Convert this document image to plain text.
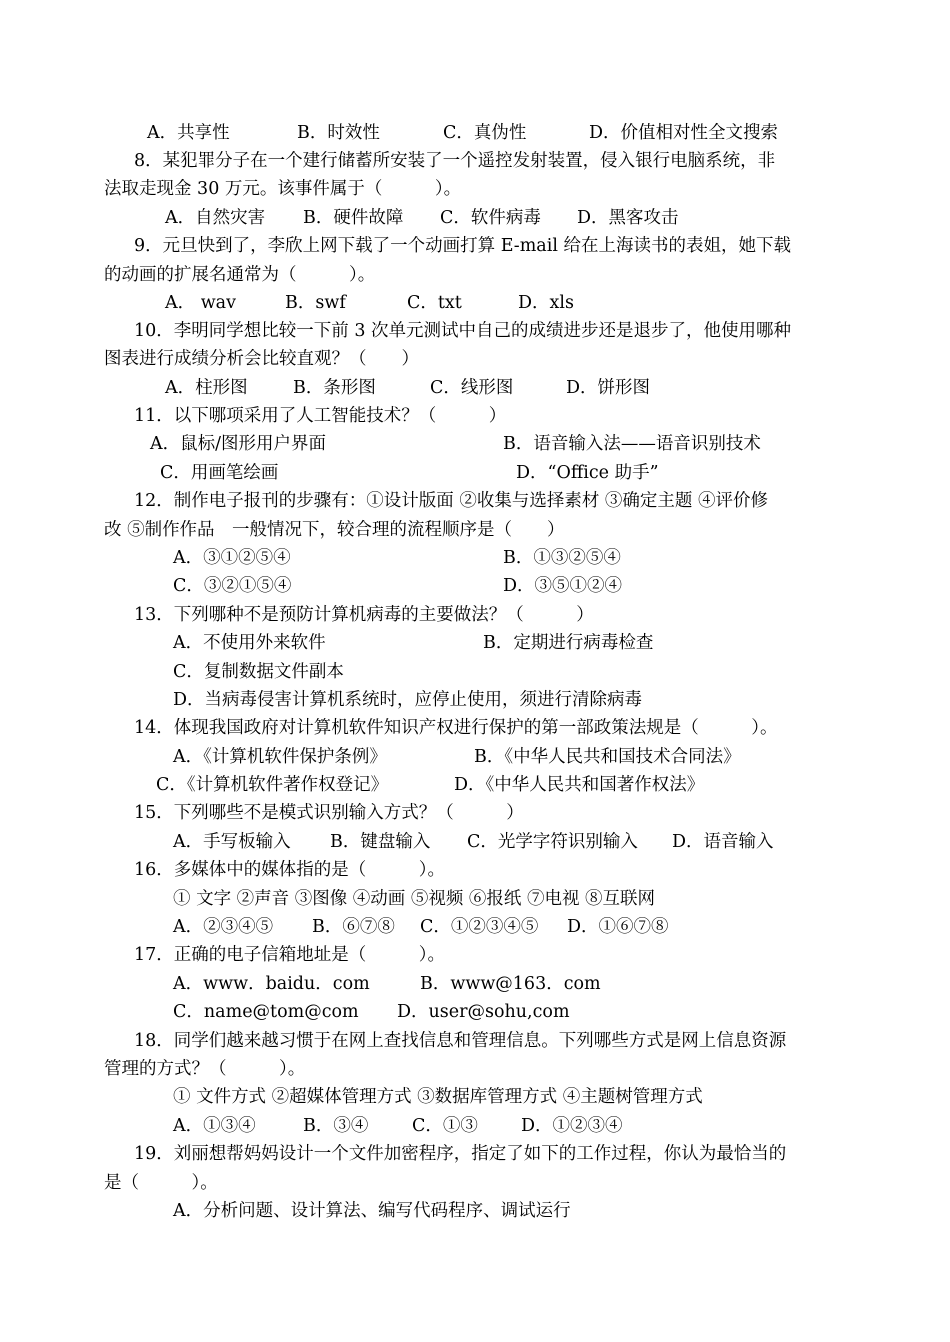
A．共享性	B．时效性	C．真伪性	D．价值相对性全文搜索
8．某犯罪分子在一个建行储蓄所安装了一个遥控发射装置，侵入银行电脑系统，非
法取走现金 30 万元。该事件属于（　　　）。
A．自然灾害 B．硬件故障 C．软件病毒 D．黑客攻击
9．元旦快到了，李欣上网下载了一个动画打算 E-mail 给在上海读书的表姐，她下载
的动画的扩展名通常为（　　　）。
A． wav	B．swf	C．txt	D．xls
10．李明同学想比较一下前 3 次单元测试中自己的成绩进步还是退步了，他使用哪种
图表进行成绩分析会比较直观？（　　）
A．柱形图	B．条形图	C．线形图	D．饼形图
11．以下哪项采用了人工智能技术？（　　　）
A．鼠标/图形用户界面	B．语音输入法——语音识别技术
C．用画笔绘画	D．“Office 助手”
12．制作电子报刊的步骤有：①设计版面 ②收集与选择素材 ③确定主题 ④评价修
改 ⑤制作作品　一般情况下，较合理的流程顺序是（　　）
A．③①②⑤④	B．①③②⑤④
C．③②①⑤④	D．③⑤①②④
13．下列哪种不是预防计算机病毒的主要做法？（　　　）
A．不使用外来软件	B．定期进行病毒检查
C．复制数据文件副本
D．当病毒侵害计算机系统时，应停止使用，须进行清除病毒
14．体现我国政府对计算机软件知识产权进行保护的第一部政策法规是（　　　）。
A．《计算机软件保护条例》	B．《中华人民共和国技术合同法》
C．《计算机软件著作权登记》	D．《中华人民共和国著作权法》
15．下列哪些不是模式识别输入方式？（　　　）
A．手写板输入 B．键盘输入 C．光学字符识别输入 D．语音输入
16．多媒体中的媒体指的是（　　　）。
① 文字 ②声音 ③图像 ④动画 ⑤视频 ⑥报纸 ⑦电视 ⑧互联网
A．②③④⑤ B．⑥⑦⑧ C．①②③④⑤ D．①⑥⑦⑧
17．正确的电子信箱地址是（　　　）。
A．www．baidu．com	B．www@163．com
C．name@tom@com D．user@sohu,com
18．同学们越来越习惯于在网上查找信息和管理信息。下列哪些方式是网上信息资源
管理的方式？（　　　）。
① 文件方式 ②超媒体管理方式 ③数据库管理方式 ④主题树管理方式
A．①③④	B．③④ C．①③ D．①②③④
19．刘丽想帮妈妈设计一个文件加密程序，指定了如下的工作过程，你认为最恰当的
是（　　　）。
A．分析问题、设计算法、编写代码程序、调试运行
